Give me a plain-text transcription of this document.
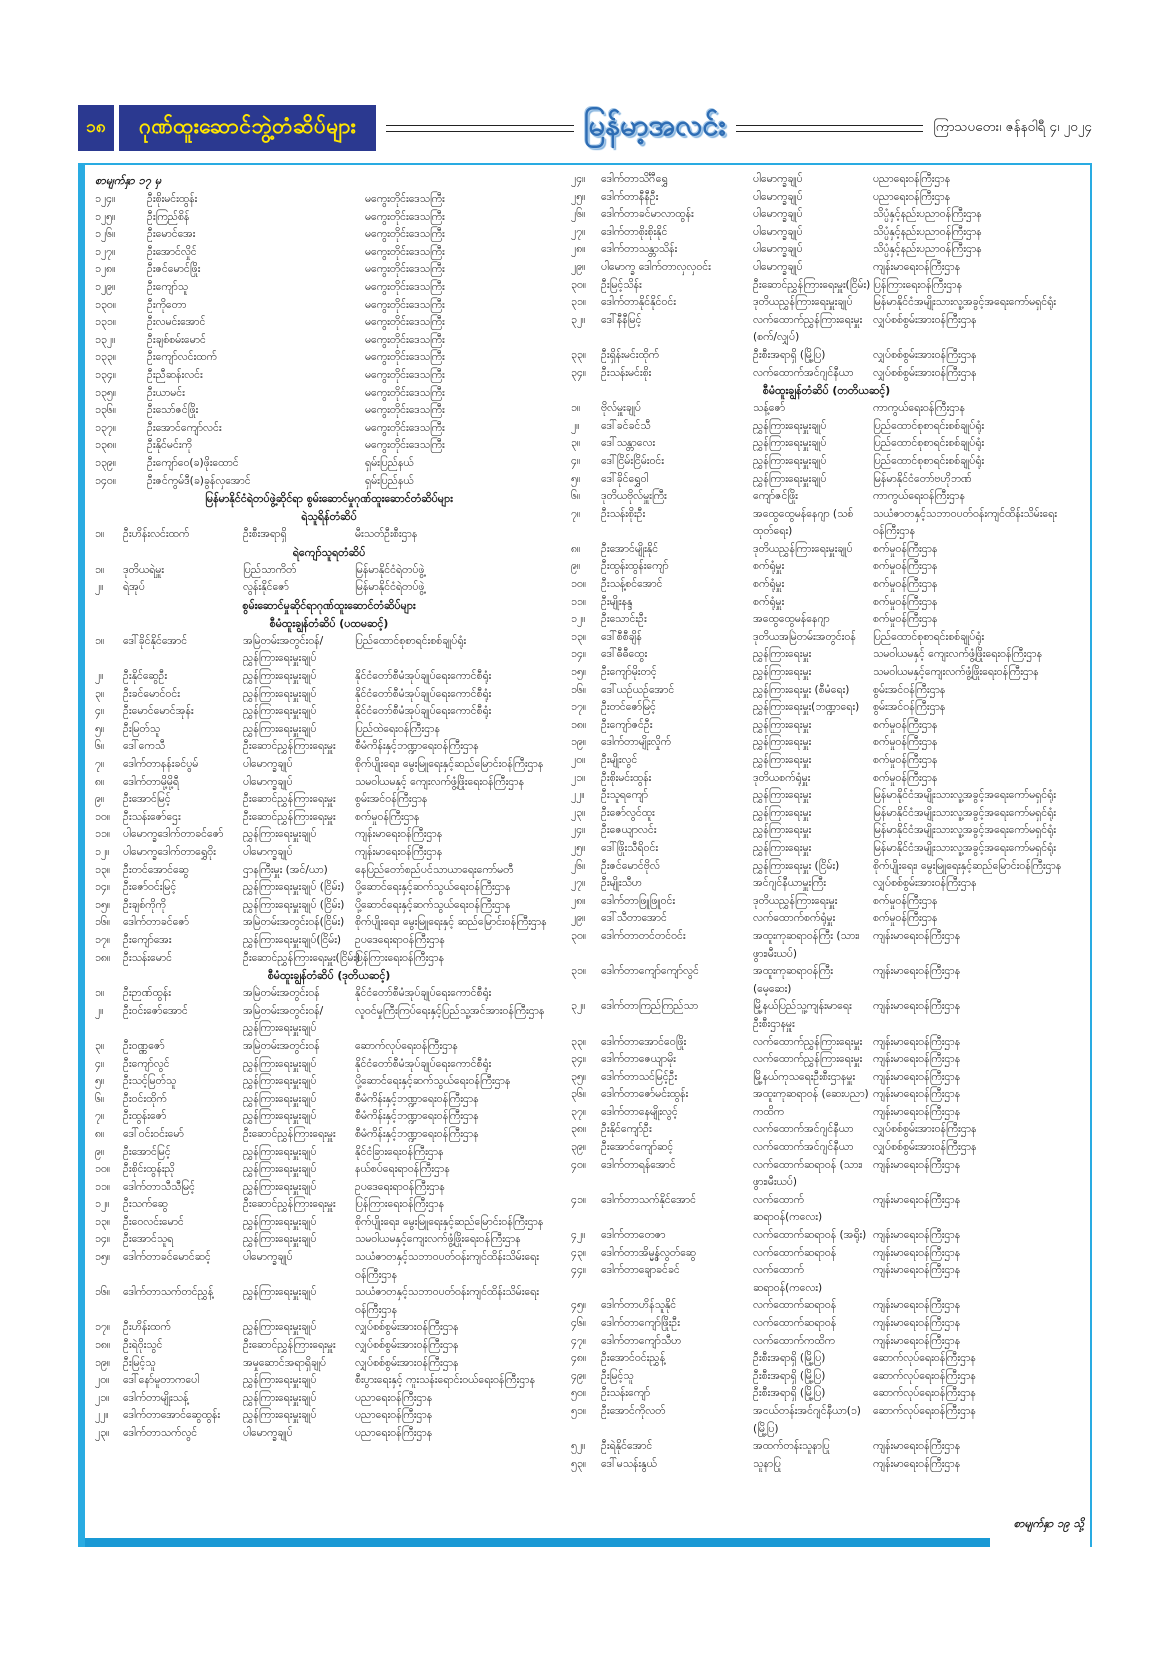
၁၈ ဂုဏ်ထူးဆောင်ဘွဲ့တံဆိပ်များ	မြန်မာ့အလင်း	ကြာသပတေး၊ ဇန်နဝါရီ ၄၊ ၂၀၂၄
စာမျက်နှာ ၁၇ မှ
၁၂၄။	ဦးစိုးမင်းထွန်း	မကွေးတိုင်းဒေသကြီး
၁၂၅။	ဦးကြည်စိန်	မကွေးတိုင်းဒေသကြီး
၁၂၆။	ဦးမောင်အေး	မကွေးတိုင်းဒေသကြီး
၁၂၇။	ဦးအောင်လှိုင်	မကွေးတိုင်းဒေသကြီး
၁၂၈။	ဦးဇင်မောင်ဖြိုး	မကွေးတိုင်းဒေသကြီး
၁၂၉။	ဦးကျော်သူ	မကွေးတိုင်းဒေသကြီး
၁၃၀။	ဦးကိုတော	မကွေးတိုင်းဒေသကြီး
၁၃၁။	ဦးလမင်းအောင်	မကွေးတိုင်းဒေသကြီး
၁၃၂။	ဦးချစ်စမ်းမောင်	မကွေးတိုင်းဒေသကြီး
၁၃၃။	ဦးကျော်လင်းထက်	မကွေးတိုင်းဒေသကြီး
၁၃၄။	ဦးညီဆန်းလင်း	မကွေးတိုင်းဒေသကြီး
၁၃၅။	ဦးယာမင်း	မကွေးတိုင်းဒေသကြီး
၁၃၆။	ဦးသော်ဇင်ဖြိုး	မကွေးတိုင်းဒေသကြီး
၁၃၇။	ဦးအောင်ကျော်လင်း	မကွေးတိုင်းဒေသကြီး
၁၃၈။	ဦးနိုင်မင်းကို	မကွေးတိုင်းဒေသကြီး
၁၃၉။	ဦးကျော်ဝေ(ခ)ဖိုးထောင်	ရှမ်းပြည်နယ်
၁၄၀။	ဦးဇင်ကွမ်ဒီ(ခ)ခွန်လှအောင်	ရှမ်းပြည်နယ်
မြန်မာနိုင်ငံရဲတပ်ဖွဲ့ဆိုင်ရာ စွမ်းဆောင်မှုဂုဏ်ထူးဆောင်တံဆိပ်များ
ရဲသူရိန်တံဆိပ်
၁။	ဦးဟိန်းလင်းထက်	ဦးစီးအရာရှိ	မီးသတ်ဦးစီးဌာန
ရဲကျော်သူရတံဆိပ်
၁။	ဒုတိယရဲမှူး	ပြည်သာကိတ်	မြန်မာနိုင်ငံရဲတပ်ဖွဲ့
၂။	ရဲအုပ်	လွန်းနိုင်ဇော်	မြန်မာနိုင်ငံရဲတပ်ဖွဲ့
စွမ်းဆောင်မှုဆိုင်ရာဂုဏ်ထူးဆောင်တံဆိပ်များ
စီမံထူးချွန်တံဆိပ် (ပထမဆင့်)
၁။	ဒေါ်ခိုင်နိုင်အောင်	အမြဲတမ်းအတွင်းဝန်/ ညွှန်ကြားရေးမှူးချုပ်
ပြည်ထောင်စုစာရင်းစစ်ချုပ်ရုံး
၂။	ဦးနိုင်ဆွေဦး	ညွှန်ကြားရေးမှူးချုပ်	နိုင်ငံတော်စီမံအုပ်ချုပ်ရေးကောင်စီရုံး
၃။	ဦးခင်မောင်ဝင်း	ညွှန်ကြားရေးမှူးချုပ်	နိုင်ငံတော်စီမံအုပ်ချုပ်ရေးကောင်စီရုံး
၄။	ဦးမောင်မောင်အုန်း	ညွှန်ကြားရေးမှူးချုပ်	နိုင်ငံတော်စီမံအုပ်ချုပ်ရေးကောင်စီရုံး
၅။	ဦးမြတ်သူ	ညွှန်ကြားရေးမှူးချုပ်	ပြည်ထဲရေးဝန်ကြီးဌာန
၆။	ဒေါ်ကေသီ	ဦးဆောင်ညွှန်ကြားရေးမှူး	စီမံကိန်းနှင့်ဘဏ္ဍာရေးဝန်ကြီးဌာန
၇။	ဒေါက်တာနန်းခင်ပွမ်	ပါမောက္ခချုပ်	စိုက်ပျိုးရေး၊ မွေးမြူရေးနှင့်ဆည်မြောင်းဝန်ကြီးဌာန
၈။	ဒေါက်တာမို့မို့ရီ	ပါမောက္ခချုပ်	သမဝါယမနှင့် ကျေးလက်ဖွံ့ဖြိုးရေးဝန်ကြီးဌာန
၉။	ဦးအောင်မြင့်	ဦးဆောင်ညွှန်ကြားရေးမှူး	စွမ်းအင်ဝန်ကြီးဌာန
၁၀။	ဦးသန်းဇော်ဌေး	ဦးဆောင်ညွှန်ကြားရေးမှူး	စက်မှုဝန်ကြီးဌာန
၁၁။	ပါမောက္ခဒေါက်တာခင်ဇော်	ညွှန်ကြားရေးမှူးချုပ်	ကျန်းမာရေးဝန်ကြီးဌာန
၁၂။	ပါမောက္ခဒေါက်တာရွှေဝိုး	ပါမောက္ခချုပ်	ကျန်းမာရေးဝန်ကြီးဌာန
၁၃။	ဦးတင်အောင်ဆွေ	ဌာနကြီးမှူး (အင်/ယာ)	နေပြည်တော်စည်ပင်သာယာရေးကော်မတီ
၁၄။	ဦးဇော်ဝင်းမြင့်	ညွှန်ကြားရေးမှူးချုပ် (ငြိမ်း) ပို့ဆောင်ရေးနှင့်ဆက်သွယ်ရေးဝန်ကြီးဌာန
၁၅။	ဦးချစ်ကိုကို	ညွှန်ကြားရေးမှူးချုပ် (ငြိမ်း) ပို့ဆောင်ရေးနှင့်ဆက်သွယ်ရေးဝန်ကြီးဌာန
၁၆။	ဒေါက်တာခင်ဇော်	အမြဲတမ်းအတွင်းဝန်(ငြိမ်း)	စိုက်ပျိုးရေး၊ မွေးမြူရေးနှင့် ဆည်မြောင်းဝန်ကြီးဌာန
၁၇။	ဦးကျော်အေး	ညွှန်ကြားရေးမှူးချုပ်(ငြိမ်း)	ဥပဒေရေးရာဝန်ကြီးဌာန
၁၈။	ဦးသန်းမောင်	ဦးဆောင်ညွှန်ကြားရေးမှူး(ငြိမ်း)
ပြန်ကြားရေးဝန်ကြီးဌာန
စီမံထူးချွန်တံဆိပ် (ဒုတိယဆင့်)
၁။	ဦးဉာဏ်ထွန်း	အမြဲတမ်းအတွင်းဝန်	နိုင်ငံတော်စီမံအုပ်ချုပ်ရေးကောင်စီရုံး
၂။	ဦးဝင်းဇော်အောင်	အမြဲတမ်းအတွင်းဝန်/ ညွှန်ကြားရေးမှူးချုပ်
လူဝင်မှုကြီးကြပ်ရေးနှင့်ပြည်သူ့အင်အားဝန်ကြီးဌာန
၃။	ဦးဝဏ္ဏဇော်	အမြဲတမ်းအတွင်းဝန်	ဆောက်လုပ်ရေးဝန်ကြီးဌာန
၄။	ဦးကျော်လွင်	ညွှန်ကြားရေးမှူးချုပ်	နိုင်ငံတော်စီမံအုပ်ချုပ်ရေးကောင်စီရုံး
၅။	ဦးသင့်မြတ်သူ	ညွှန်ကြားရေးမှူးချုပ်	ပို့ဆောင်ရေးနှင့်ဆက်သွယ်ရေးဝန်ကြီးဌာန
၆။	ဦးဝင်းထိုက်	ညွှန်ကြားရေးမှူးချုပ်	စီမံကိန်းနှင့်ဘဏ္ဍာရေးဝန်ကြီးဌာန
၇။	ဦးထွန်းဇော်	ညွှန်ကြားရေးမှူးချုပ်	စီမံကိန်းနှင့်ဘဏ္ဍာရေးဝန်ကြီးဌာန
၈။	ဒေါ်ဝင်းဝင်းမော်	ဦးဆောင်ညွှန်ကြားရေးမှူး	စီမံကိန်းနှင့်ဘဏ္ဍာရေးဝန်ကြီးဌာန
၉။	ဦးအောင်မြင့်	ညွှန်ကြားရေးမှူးချုပ်	နိုင်ငံခြားရေးဝန်ကြီးဌာန
၁၀။	ဦးစိုင်းထွန်းညို	ညွှန်ကြားရေးမှူးချုပ်	နယ်စပ်ရေးရာဝန်ကြီးဌာန
၁၁။	ဒေါက်တာသီသီမြင့်	ညွှန်ကြားရေးမှူးချုပ်	ဥပဒေရေးရာဝန်ကြီးဌာန
၁၂။	ဦးသက်ဆွေ	ဦးဆောင်ညွှန်ကြားရေးမှူး	ပြန်ကြားရေးဝန်ကြီးဌာန
၁၃။	ဦးဝေလင်းမောင်	ညွှန်ကြားရေးမှူးချုပ်	စိုက်ပျိုးရေး၊ မွေးမြူရေးနှင့်ဆည်မြောင်းဝန်ကြီးဌာန
၁၄။	ဦးအောင်သူရ	ညွှန်ကြားရေးမှူးချုပ်	သမဝါယမနှင့်ကျေးလက်ဖွံ့ဖြိုးရေးဝန်ကြီးဌာန
၁၅။	ဒေါက်တာခင်မောင်ဆင့်	ပါမောက္ခချုပ်	သယံဇာတနှင့်သဘာဝပတ်ဝန်းကျင်ထိန်းသိမ်းရေး ဝန်ကြီးဌာန
၁၆။	ဒေါက်တာသက်တင်ညွှန့်	ညွှန်ကြားရေးမှူးချုပ်	သယံဇာတနှင့်သဘာဝပတ်ဝန်းကျင်ထိန်းသိမ်းရေး ဝန်ကြီးဌာန
၁၇။	ဦးဟိန်းထက်	ညွှန်ကြားရေးမှူးချုပ်	လျှပ်စစ်စွမ်းအားဝန်ကြီးဌာန
၁၈။	ဦးရဲဝိုးသွင်	ဦးဆောင်ညွှန်ကြားရေးမှူး	လျှပ်စစ်စွမ်းအားဝန်ကြီးဌာန
၁၉။	ဦးမြင့်သူ	အမှုဆောင်အရာရှိချုပ်	လျှပ်စစ်စွမ်းအားဝန်ကြီးဌာန
၂၀။	ဒေါ်နော်မူတာကပေါ	ညွှန်ကြားရေးမှူးချုပ်	စီးပွားရေးနှင့် ကူးသန်းရောင်းဝယ်ရေးဝန်ကြီးဌာန
၂၁။	ဒေါက်တာမျိုးသန့်	ညွှန်ကြားရေးမှူးချုပ်	ပညာရေးဝန်ကြီးဌာန
၂၂။	ဒေါက်တာအောင်ဆွေထွန်း	ညွှန်ကြားရေးမှူးချုပ်	ပညာရေးဝန်ကြီးဌာန
၂၃။	ဒေါက်တာသက်လွင်	ပါမောက္ခချုပ်	ပညာရေးဝန်ကြီးဌာန
၂၄။	ဒေါက်တာသိင်္ဂီရွှေ	ပါမောက္ခချုပ်	ပညာရေးဝန်ကြီးဌာန
၂၅။	ဒေါက်တာနီနီဦး	ပါမောက္ခချုပ်	ပညာရေးဝန်ကြီးဌာန
၂၆။	ဒေါက်တာခင်မာလာထွန်း	ပါမောက္ခချုပ်	သိပ္ပံနှင့်နည်းပညာဝန်ကြီးဌာန
၂၇။	ဒေါက်တာစိုးစိုးနိုင်	ပါမောက္ခချုပ်	သိပ္ပံနှင့်နည်းပညာဝန်ကြီးဌာန
၂၈။	ဒေါက်တာသန္တာသိန်း	ပါမောက္ခချုပ်	သိပ္ပံနှင့်နည်းပညာဝန်ကြီးဌာန
၂၉။	ပါမောက္ခ ဒေါက်တာလှလှဝင်း	ပါမောက္ခချုပ်	ကျန်းမာရေးဝန်ကြီးဌာန
၃၀။	ဦးမြင့်သိန်း	ဦးဆောင်ညွှန်ကြားရေးမှူး(ငြိမ်း) ပြန်ကြားရေးဝန်ကြီးဌာန
၃၁။	ဒေါက်တာနိုင်နိုင်ဝင်း	ဒုတိယညွှန်ကြားရေးမှူးချုပ်	မြန်မာနိုင်ငံအမျိုးသားလူ့အခွင့်အရေးကော်မရှင်ရုံး
၃၂။	ဒေါ်နီနီမြင့်	လက်ထောက်ညွှန်ကြားရေးမှူး (စက်/လျှပ်)
လျှပ်စစ်စွမ်းအားဝန်ကြီးဌာန
၃၃။	ဦးရှိန်းမင်းထိုက်	ဦးစီးအရာရှိ (မြို့ပြ)	လျှပ်စစ်စွမ်းအားဝန်ကြီးဌာန
၃၄။	ဦးသန်းမင်းစိုး	လက်ထောက်အင်ဂျင်နီယာ	လျှပ်စစ်စွမ်းအားဝန်ကြီးဌာန
စီမံထူးချွန်တံဆိပ် (တတိယဆင့်)
၁။	ဗိုလ်မှူးချုပ်	သန့်ဇော်	ကာကွယ်ရေးဝန်ကြီးဌာန
၂။	ဒေါ်ခင်ခင်သီ	ညွှန်ကြားရေးမှူးချုပ်	ပြည်ထောင်စုစာရင်းစစ်ချုပ်ရုံး
၃။	ဒေါ်သန္တာလေး	ညွှန်ကြားရေးမှူးချုပ်	ပြည်ထောင်စုစာရင်းစစ်ချုပ်ရုံး
၄။	ဒေါ်ငြိမ်းငြိမ်းဝင်း	ညွှန်ကြားရေးမှူးချုပ်	ပြည်ထောင်စုစာရင်းစစ်ချုပ်ရုံး
၅။	ဒေါ်ခိုင်ရွှေဝါ	ညွှန်ကြားရေးမှူးချုပ်	မြန်မာနိုင်ငံတော်ဗဟိုဘဏ်
၆။	ဒုတိယဗိုလ်မှူးကြီး	ကျော်ဇင်ဖြိုး	ကာကွယ်ရေးဝန်ကြီးဌာန
၇။	ဦးသန်းစိုးဦး	အထွေထွေမန်နေဂျာ (သစ်ထုတ်ရေး)
သယံဇာတနှင့်သဘာဝပတ်ဝန်းကျင်ထိန်းသိမ်းရေး ဝန်ကြီးဌာန
၈။	ဦးအောင်မျိုးနိုင်	ဒုတိယညွှန်ကြားရေးမှူးချုပ်	စက်မှုဝန်ကြီးဌာန
၉။	ဦးထွန်းထွန်းကျော်	စက်ရုံမှူး	စက်မှုဝန်ကြီးဌာန
၁၀။	ဦးသန့်စင်အောင်	စက်ရုံမှူး	စက်မှုဝန်ကြီးဌာန
၁၁။	ဦးမျိုးနန္ဒ	စက်ရုံမှူး	စက်မှုဝန်ကြီးဌာန
၁၂။	ဦးသောင်းဦး	အထွေထွေမန်နေဂျာ	စက်မှုဝန်ကြီးဌာန
၁၃။	ဒေါ်စီစီချိန်	ဒုတိယအမြဲတမ်းအတွင်းဝန်	ပြည်ထောင်စုစာရင်းစစ်ချုပ်ရုံး
၁၄။	ဒေါ်ဓီဓီထွေး	ညွှန်ကြားရေးမှူး	သမဝါယမနှင့် ကျေးလက်ဖွံ့ဖြိုးရေးဝန်ကြီးဌာန
၁၅။	ဦးကျော်မိုးတင့်	ညွှန်ကြားရေးမှူး	သမဝါယမနှင့်ကျေးလက်ဖွံ့ဖြိုးရေးဝန်ကြီးဌာန
၁၆။	ဒေါ်ယဉ်ယဉ်အောင်	ညွှန်ကြားရေးမှူး (စီမံရေး)	စွမ်းအင်ဝန်ကြီးဌာန
၁၇။	ဦးတင်ဇော်မြင့်	ညွှန်ကြားရေးမှူး(ဘဏ္ဍာရေး)	စွမ်းအင်ဝန်ကြီးဌာန
၁၈။	ဦးကျော်ဇင်ဦး	ညွှန်ကြားရေးမှူး	စက်မှုဝန်ကြီးဌာန
၁၉။	ဒေါက်တာမျိုးလှိုက်	ညွှန်ကြားရေးမှူး	စက်မှုဝန်ကြီးဌာန
၂၀။	ဦးမျိုးလွင်	ညွှန်ကြားရေးမှူး	စက်မှုဝန်ကြီးဌာန
၂၁။	ဦးစိုးမင်းထွန်း	ဒုတိယစက်ရုံမှူး	စက်မှုဝန်ကြီးဌာန
၂၂။	ဦးသူရကျော်	ညွှန်ကြားရေးမှူး	မြန်မာနိုင်ငံအမျိုးသားလူ့အခွင့်အရေးကော်မရှင်ရုံး
၂၃။	ဦးဇော်လွင်ထူး	ညွှန်ကြားရေးမှူး	မြန်မာနိုင်ငံအမျိုးသားလူ့အခွင့်အရေးကော်မရှင်ရုံး
၂၄။	ဦးဇေယျာလင်း	ညွှန်ကြားရေးမှူး	မြန်မာနိုင်ငံအမျိုးသားလူ့အခွင့်အရေးကော်မရှင်ရုံး
၂၅။	ဒေါ်ဖြိုးသီရိဝင်း	ညွှန်ကြားရေးမှူး	မြန်မာနိုင်ငံအမျိုးသားလူ့အခွင့်အရေးကော်မရှင်ရုံး
၂၆။	ဦးဇင်မောင်ဗိုလ်	ညွှန်ကြားရေးမှူး (ငြိမ်း)	စိုက်ပျိုးရေး၊ မွေးမြူရေးနှင့်ဆည်မြောင်းဝန်ကြီးဌာန
၂၇။	ဦးမျိုးသီဟ	အင်ဂျင်နီယာမှူးကြီး	လျှပ်စစ်စွမ်းအားဝန်ကြီးဌာန
၂၈။	ဒေါက်တာဖြူဖြူဝင်း	ဒုတိယညွှန်ကြားရေးမှူး	စက်မှုဝန်ကြီးဌာန
၂၉။	ဒေါ်သီတာအောင်	လက်ထောက်စက်ရုံမှူး	စက်မှုဝန်ကြီးဌာန
၃၀။	ဒေါက်တာတင်တင်ဝင်း	အထူးကုဆရာဝန်ကြီး (သား၊ဖွား၊မီးယပ်)
ကျန်းမာရေးဝန်ကြီးဌာန
၃၁။	ဒေါက်တာကျော်ကျော်လွင်	အထူးကုဆရာဝန်ကြီး (မေ့ဆေး)
ကျန်းမာရေးဝန်ကြီးဌာန
၃၂။	ဒေါက်တာကြည်ကြည်သာ	မြို့နယ်ပြည်သူ့ကျန်းမာရေးဦးစီးဌာနမှူး
ကျန်းမာရေးဝန်ကြီးဌာန
၃၃။	ဒေါက်တာအောင်ဝေဖြိုး	လက်ထောက်ညွှန်ကြားရေးမှူး	ကျန်းမာရေးဝန်ကြီးဌာန
၃၄။	ဒေါက်တာဇေယျာမိုး	လက်ထောက်ညွှန်ကြားရေးမှူး	ကျန်းမာရေးဝန်ကြီးဌာန
၃၅။	ဒေါက်တာသင်မြင့်ဦး	မြို့နယ်ကုသရေးဦးစီးဌာနမှူး	ကျန်းမာရေးဝန်ကြီးဌာန
၃၆။	ဒေါက်တာဇော်မင်းထွန်း	အထူးကုဆရာဝန် (ဆေးပညာ) ကျန်းမာရေးဝန်ကြီးဌာန
၃၇။	ဒေါက်တာနေမျိုးလွင့်	ကထိက	ကျန်းမာရေးဝန်ကြီးဌာန
၃၈။	ဦးနိုင်ကျော်ဦး	လက်ထောက်အင်ဂျင်နီယာ	လျှပ်စစ်စွမ်းအားဝန်ကြီးဌာန
၃၉။	ဦးအောင်ကျော်ဆင့်	လက်ထောက်အင်ဂျင်နီယာ	လျှပ်စစ်စွမ်းအားဝန်ကြီးဌာန
၄၀။	ဒေါက်တာရန်အောင်	လက်ထောက်ဆရာဝန် (သား၊ဖွား၊မီးယပ်)
ကျန်းမာရေးဝန်ကြီးဌာန
၄၁။	ဒေါက်တာသက်နိုင်အောင်	လက်ထောက်ဆရာဝန်(ကလေး)
ကျန်းမာရေးဝန်ကြီးဌာန
၄၂။	ဒေါက်တာတေဇာ	လက်ထောက်ဆရာဝန် (အရိုး) ကျန်းမာရေးဝန်ကြီးဌာန
၄၃။	ဒေါက်တာအိမ္မွန်လွတ်ဆွေ	လက်ထောက်ဆရာဝန်	ကျန်းမာရေးဝန်ကြီးဌာန
၄၄။	ဒေါက်တာချောခင်ခင်	လက်ထောက်ဆရာဝန်(ကလေး)
ကျန်းမာရေးဝန်ကြီးဌာန
၄၅။	ဒေါက်တာဟိန်သူနိုင်	လက်ထောက်ဆရာဝန်	ကျန်းမာရေးဝန်ကြီးဌာန
၄၆။	ဒေါက်တာကျော်ဖြိုးဦး	လက်ထောက်ဆရာဝန်	ကျန်းမာရေးဝန်ကြီးဌာန
၄၇။	ဒေါက်တာကျော်သီဟ	လက်ထောက်ကထိက	ကျန်းမာရေးဝန်ကြီးဌာန
၄၈။	ဦးအောင်ဝင်းညွှန့်	ဦးစီးအရာရှိ (မြို့ပြ)	ဆောက်လုပ်ရေးဝန်ကြီးဌာန
၄၉။	ဦးမြင့်သူ	ဦးစီးအရာရှိ (မြို့ပြ)	ဆောက်လုပ်ရေးဝန်ကြီးဌာန
၅၀။	ဦးသန်းကျော်	ဦးစီးအရာရှိ (မြို့ပြ)	ဆောက်လုပ်ရေးဝန်ကြီးဌာန
၅၁။	ဦးအောင်ကိုလတ်	အငယ်တန်းအင်ဂျင်နီယာ(၁) (မြို့ပြ)
ဆောက်လုပ်ရေးဝန်ကြီးဌာန
၅၂။	ဦးရဲနိုင်အောင်	အထက်တန်းသူနာပြု	ကျန်းမာရေးဝန်ကြီးဌာန
၅၃။	ဒေါ်မသန်းနွယ်	သူနာပြု	ကျန်းမာရေးဝန်ကြီးဌာန
စာမျက်နှာ ၁၉ သို့
